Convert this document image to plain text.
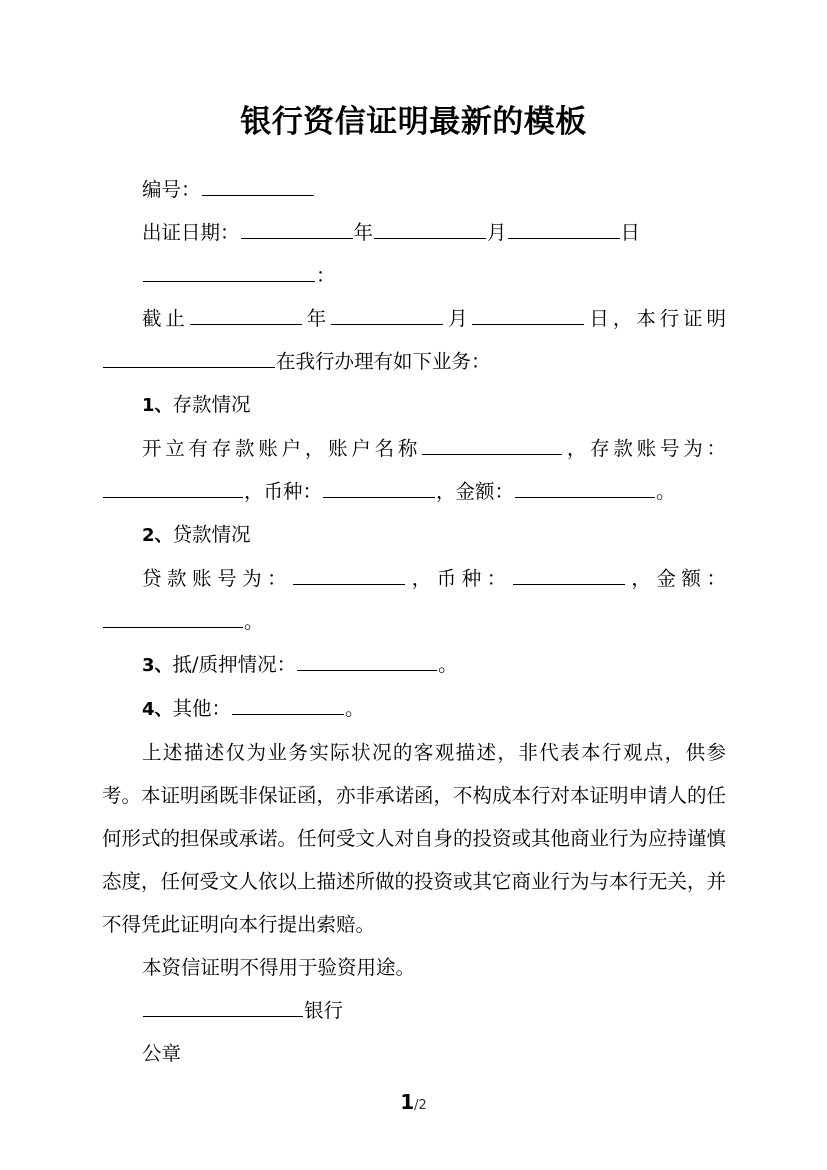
银行资信证明最新的模板
编号：
出证日期：	年	月	日
：
截止	年	月	日，本行证明在我行办理有如下业务：
1、存款情况
开立有存款账户，账户名称	，存款账号为：，币种：	，金额：	。
2、贷款情况
贷款账号为：	，币种：	，金额：。
3、抵/质押情况：	。
4、其他：	。
上述描述仅为业务实际状况的客观描述，非代表本行观点，供参考。本证明函既非保证函，亦非承诺函，不构成本行对本证明申请人的任何形式的担保或承诺。任何受文人对自身的投资或其他商业行为应持谨慎态度，任何受文人依以上描述所做的投资或其它商业行为与本行无关，并不得凭此证明向本行提出索赔。
本资信证明不得用于验资用途。
银行
公章
1/2
